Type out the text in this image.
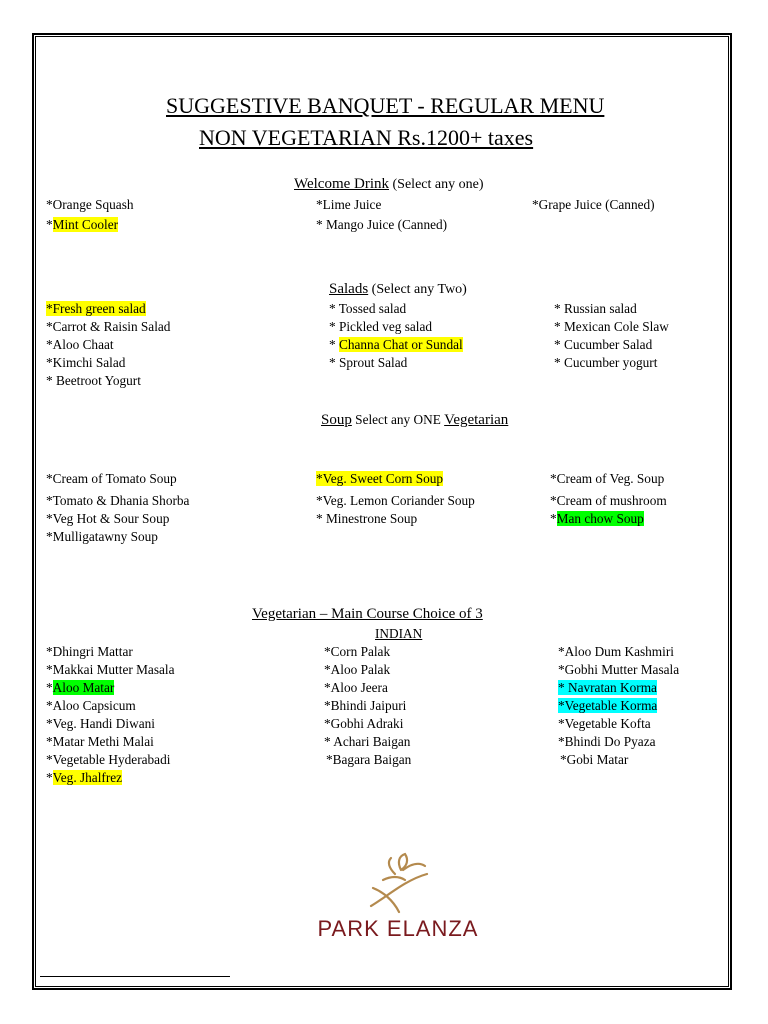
SUGGESTIVE BANQUET - REGULAR MENU
NON VEGETARIAN Rs.1200+ taxes
Welcome Drink (Select any one)
*Orange Squash	*Lime Juice	*Grape Juice (Canned)
*Mint Cooler	* Mango Juice (Canned)
Salads (Select any Two)
*Fresh green salad	* Tossed salad	* Russian salad
*Carrot & Raisin Salad	* Pickled veg salad	* Mexican Cole Slaw
*Aloo Chaat	* Channa Chat or Sundal	* Cucumber Salad
*Kimchi Salad	* Sprout Salad	* Cucumber yogurt
* Beetroot Yogurt
Soup Select any ONE Vegetarian
*Cream of Tomato Soup	*Veg. Sweet Corn Soup	*Cream of Veg. Soup
*Tomato & Dhania Shorba	*Veg. Lemon Coriander Soup	*Cream of mushroom
*Veg Hot & Sour Soup	* Minestrone Soup	*Man chow Soup
*Mulligatawny Soup
Vegetarian – Main Course Choice of 3
INDIAN
*Dhingri Mattar	*Corn Palak	*Aloo Dum Kashmiri
*Makkai Mutter Masala	*Aloo Palak	*Gobhi Mutter Masala
*Aloo Matar	*Aloo Jeera	* Navratan Korma
*Aloo Capsicum	*Bhindi Jaipuri	*Vegetable Korma
*Veg. Handi Diwani	*Gobhi Adraki	*Vegetable Kofta
*Matar Methi Malai	* Achari Baigan	*Bhindi Do Pyaza
*Vegetable Hyderabadi	*Bagara Baigan	*Gobi Matar
*Veg. Jhalfrez
PARK ELANZA
